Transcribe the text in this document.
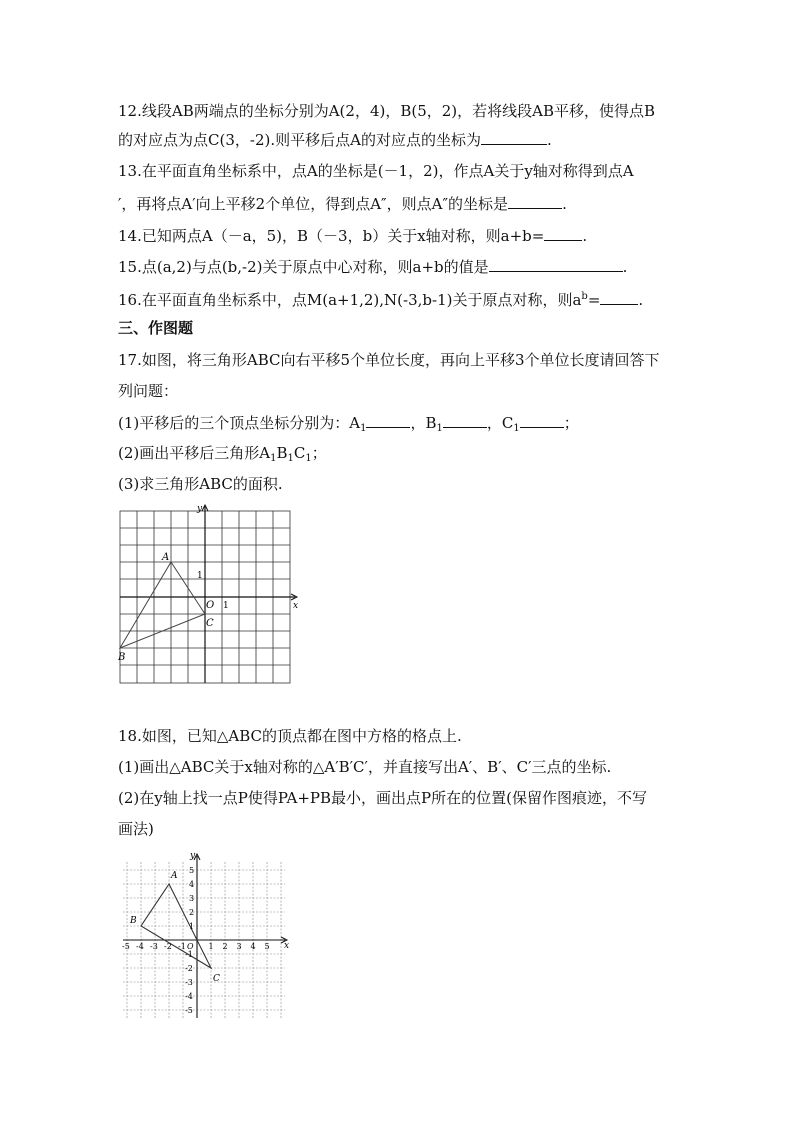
12.线段AB两端点的坐标分别为A(2，4)，B(5，2)，若将线段AB平移，使得点B
的对应点为点C(3，-2).则平移后点A的对应点的坐标为	.
13.在平面直角坐标系中，点A的坐标是(－1，2)，作点A关于y轴对称得到点A
′，再将点A′向上平移2个单位，得到点A″，则点A″的坐标是	.
14.已知两点A（－a，5)，B（－3，b）关于x轴对称，则a+b=	.
15.点(a,2)与点(b,-2)关于原点中心对称，则a+b的值是	.
16.在平面直角坐标系中，点M(a+1,2),N(-3,b-1)关于原点对称，则$a^b=$	.
三、作图题
17.如图，将三角形ABC向右平移5个单位长度，再向上平移3个单位长度请回答下
列问题：
(1)平移后的三个顶点坐标分别为：$A_1$	，$B_1$	，$C_1$	；
(2)画出平移后三角形$A_1B_1C_1$；
(3)求三角形ABC的面积.
A
B
C
O 1
1
x
y
18.如图，已知△ABC的顶点都在图中方格的格点上.
(1)画出△ABC关于x轴对称的△A′B′C′，并直接写出A′、B′、C′三点的坐标.
(2)在y轴上找一点P使得PA+PB最小，画出点P所在的位置(保留作图痕迹，不写
画法)
A
B
C
O	x
y
-5 -4 -3 -2 -1	1 2 3 4 5
5
4
3
2
1
-1
-2
-3
-4
-5
